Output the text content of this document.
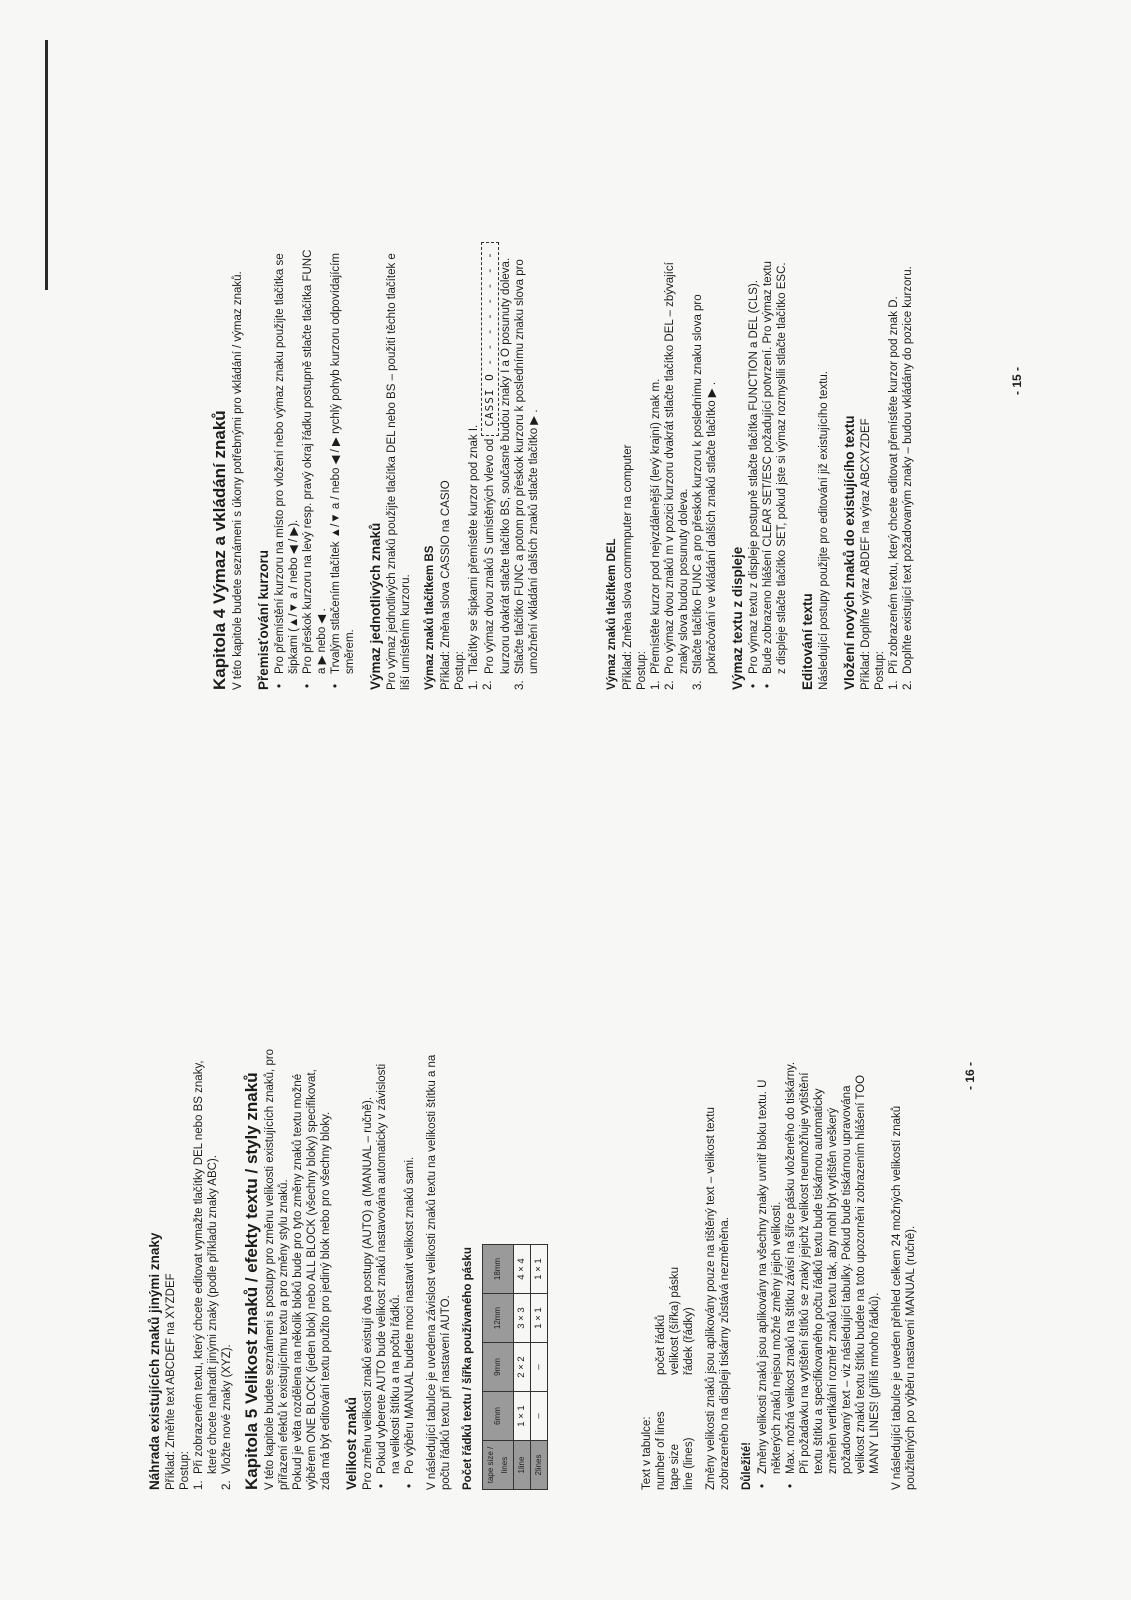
Náhrada existujících znaků jinými znaky Příklad: Změňte text ABCDEF na XYZDEF Postup: 1.
Při zobrazeném textu, který chcete editovat vymažte tlačítky DEL nebo BS znaky, které chcete nahradit jinými znaky (podle příkladu znaky ABC).
2.
Vložte nové znaky (XYZ). Kapitola 5 Velikost znaků / efekty textu / styly znaků V této kapitole budete seznámeni s postupy pro změnu velikosti existujících znaků, pro přiřazení efektů k existujícímu textu a pro změny stylu znaků. Pokud je věta rozdělena na několik bloků bude pro tyto změny znaků textu možné výběrem ONE BLOCK (jeden blok) nebo ALL BLOCK (všechny bloky) specifikovat, zda má být editování textu použito pro jediný blok nebo pro všechny bloky. Velikost znaků Pro změnu velikosti znaků existují dva postupy (AUTO) a (MANUAL – ručně). • Pokud vyberete AUTO bude velikost znaků nastavována automaticky v závislosti na velikosti štítku a na počtu řádků. • Po výběru MANUAL budete moci nastavit velikost znaků sami. V následující tabulce je uvedena závislost velikosti znaků textu na velikosti štítku a na počtu řádků textu při nastavení AUTO. Počet řádků textu / šířka používaného pásku tape size / lines	6mm	9mm	12mm	18mm
1line	1 × 1	2 × 2	3 × 3	4 × 4
2lines	–	–	1 × 1	1 × 1

Text v tabulce: number of lines
počet řádků
tape size
velikost (šířka) pásku
line (lines)
řádek (řádky) Změny velikosti znaků jsou aplikovány pouze na tištěný text – velikost textu zobrazeného na displeji tiskárny zůstává nezměněna. Důležité! • Změny velikosti znaků jsou aplikovány na všechny znaky uvnitř bloku textu. U některých znaků nejsou možné změny jejich velikosti. • Max. možná velikost znaků na štítku závisí na šířce pásku vloženého do tiskárny. Při požadavku na vytištění štítků se znaky jejichž velikost neumožňuje vytištění textu štítku a specifikovaného počtu řádků textu bude tiskárnou automaticky změněn vertikální rozměr znaků textu tak, aby mohl být vytištěn veškerý požadovaný text – viz následující tabulky. Pokud bude tiskárnou upravována velikost znaků textu štítku budete na toto upozorněni zobrazením hlášení TOO MANY LINES! (příliš mnoho řádků). V následující tabulce je uveden přehled celkem 24 možných velikostí znaků použitelných po výběru nastavení MANUAL (ručně).

- 16 -
Kapitola 4 Výmaz a vkládání znaků V této kapitole budete seznámeni s úkony potřebnými pro vkládání / výmaz znaků. Přemisťování kurzoru • Pro přemístění kurzoru na místo pro vložení nebo výmaz znaku použijte tlačítka se šipkami (▲/▼ a / nebo ◀ / ▶). • Pro přeskok kurzoru na levý resp. pravý okraj řádku postupně stlačte tlačítka FUNC a ▶ nebo ◀ . • Trvalým stlačením tlačítek ▲/▼ a / nebo ◀ / ▶ rychlý pohyb kurzoru odpovídajícím směrem. Výmaz jednotlivých znaků Pro výmaz jednotlivých znaků použijte tlačítka DEL nebo BS – použití těchto tlačítek e liší umístěním kurzoru. Výmaz znaků tlačítkem BS Příklad: Změna slova CASSIO na CASIO Postup: 1.
Tlačítky se šipkami přemístěte kurzor pod znak I.
2.
Pro výmaz dvou znaků S umístěných vlevo od CASSI O - - - - - - - - kurzoru dvakrát stlačte tlačítko BS, současně budou znaky I a O posunuty doleva.
3.
Stlačte tlačítko FUNC a potom pro přeskok kurzoru k poslednímu znaku slova pro umožnění vkládání dalších znaků stlačte tlačítko ▶ .	Výmaz znaků tlačítkem DEL Příklad: Změna slova commmputer na computer Postup: 1.
Přemístěte kurzor pod nejvzdálenější (levý krajní) znak m.
2.
Pro výmaz dvou znaků m v pozici kurzoru dvakrát stlačte tlačítko DEL – zbývající znaky slova budou posunuty doleva.
3.
Stlačte tlačítko FUNC a pro přeskok kurzoru k poslednímu znaku slova pro pokračování ve vkládání dalších znaků stlačte tlačítko ▶ . Výmaz textu z displeje • Pro výmaz textu z displeje postupně stlačte tlačítka FUNCTION a DEL (CLS). • Bude zobrazeno hlášení CLEAR SET/ESC požadující potvrzení. Pro výmaz textu z displeje stlačte tlačítko SET, pokud jste si výmaz rozmyslili stlačte tlačítko ESC. Editování textu Následující postupy použijte pro editování již existujícího textu. Vložení nových znaků do existujícího textu Příklad: Doplňte výraz ABDEF na výraz ABCXYZDEF Postup: 1.
Při zobrazeném textu, který chcete editovat přemístěte kurzor pod znak D.
2.
Doplňte existující text požadovaným znaky – budou vkládány do pozice kurzoru.	- 15 -
